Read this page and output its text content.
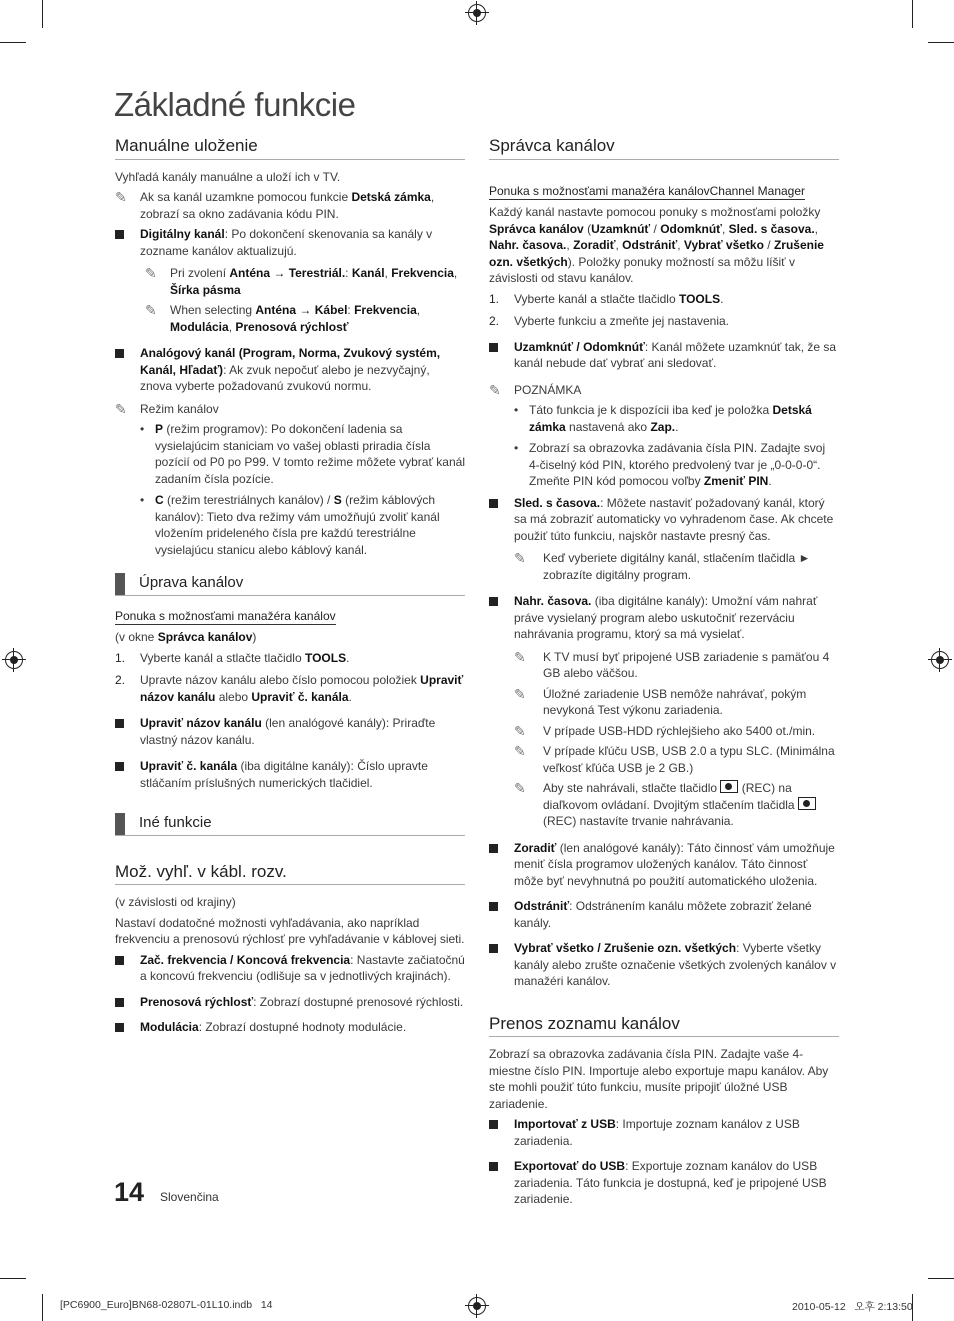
Základné funkcie
Manuálne uloženie
Vyhľadá kanály manuálne a uloží ich v TV.
✎ Ak sa kanál uzamkne pomocou funkcie Detská zámka, zobrazí sa okno zadávania kódu PIN.
Digitálny kanál: Po dokončení skenovania sa kanály v zozname kanálov aktualizujú.
✎ Pri zvolení Anténa → Terestriál.: Kanál, Frekvencia, Šírka pásma
✎ When selecting Anténa → Kábel: Frekvencia, Modulácia, Prenosová rýchlosť
Analógový kanál (Program, Norma, Zvukový systém, Kanál, Hľadať): Ak zvuk nepočuť alebo je nezvyčajný, znova vyberte požadovanú zvukovú normu.
✎ Režim kanálov
• P (režim programov): Po dokončení ladenia sa vysielajúcim staniciam vo vašej oblasti priradia čísla pozícií od P0 po P99. V tomto režime môžete vybrať kanál zadaním čísla pozície.
• C (režim terestriálnych kanálov) / S (režim káblových kanálov): Tieto dva režimy vám umožňujú zvoliť kanál vložením prideleného čísla pre každú terestriálne vysielajúcu stanicu alebo káblový kanál.
Úprava kanálov
Ponuka s možnosťami manažéra kanálov
(v okne Správca kanálov)
1. Vyberte kanál a stlačte tlačidlo TOOLS.
2. Upravte názov kanálu alebo číslo pomocou položiek Upraviť názov kanálu alebo Upraviť č. kanála.
Upraviť názov kanálu (len analógové kanály): Priraďte vlastný názov kanálu.
Upraviť č. kanála (iba digitálne kanály): Číslo upravte stláčaním príslušných numerických tlačidiel.
Iné funkcie
Mož. vyhľ. v kábl. rozv.
(v závislosti od krajiny)
Nastaví dodatočné možnosti vyhľadávania, ako napríklad frekvenciu a prenosovú rýchlosť pre vyhľadávanie v káblovej sieti.
Zač. frekvencia / Koncová frekvencia: Nastavte začiatočnú a koncovú frekvenciu (odlišuje sa v jednotlivých krajinách).
Prenosová rýchlosť: Zobrazí dostupné prenosové rýchlosti.
Modulácia: Zobrazí dostupné hodnoty modulácie.
Správca kanálov
Ponuka s možnosťami manažéra kanálovChannel Manager
Každý kanál nastavte pomocou ponuky s možnosťami položky Správca kanálov (Uzamknúť / Odomknúť, Sled. s časova., Nahr. časova., Zoradiť, Odstrániť, Vybrať všetko / Zrušenie ozn. všetkých). Položky ponuky možností sa môžu líšiť v závislosti od stavu kanálov.
1. Vyberte kanál a stlačte tlačidlo TOOLS.
2. Vyberte funkciu a zmeňte jej nastavenia.
Uzamknúť / Odomknúť: Kanál môžete uzamknúť tak, že sa kanál nebude dať vybrať ani sledovať.
✎ POZNÁMKA
• Táto funkcia je k dispozícii iba keď je položka Detská zámka nastavená ako Zap..
• Zobrazí sa obrazovka zadávania čísla PIN. Zadajte svoj 4-čiselný kód PIN, ktorého predvolený tvar je „0-0-0-0“. Zmeňte PIN kód pomocou voľby Zmeniť PIN.
Sled. s časova.: Môžete nastaviť požadovaný kanál, ktorý sa má zobraziť automaticky vo vyhradenom čase. Ak chcete použiť túto funkciu, najskôr nastavte presný čas.
✎ Keď vyberiete digitálny kanál, stlačením tlačidla ► zobrazíte digitálny program.
Nahr. časova. (iba digitálne kanály): Umožní vám nahrať práve vysielaný program alebo uskutočniť rezerváciu nahrávania programu, ktorý sa má vysielať.
✎ K TV musí byť pripojené USB zariadenie s pamäťou 4 GB alebo väčšou.
✎ Úložné zariadenie USB nemôže nahrávať, pokým nevykoná Test výkonu zariadenia.
✎ V prípade USB-HDD rýchlejšieho ako 5400 ot./min.
✎ V prípade kľúču USB, USB 2.0 a typu SLC. (Minimálna veľkosť kľúča USB je 2 GB.)
✎ Aby ste nahrávali, stlačte tlačidlo  (REC) na diaľkovom ovládaní. Dvojitým stlačením tlačidla  (REC) nastavíte trvanie nahrávania.
Zoradiť (len analógové kanály): Táto činnosť vám umožňuje meniť čísla programov uložených kanálov. Táto činnosť môže byť nevyhnutná po použití automatického uloženia.
Odstrániť: Odstránením kanálu môžete zobraziť želané kanály.
Vybrať všetko / Zrušenie ozn. všetkých: Vyberte všetky kanály alebo zrušte označenie všetkých zvolených kanálov v manažéri kanálov.
Prenos zoznamu kanálov
Zobrazí sa obrazovka zadávania čísla PIN. Zadajte vaše 4-miestne číslo PIN. Importuje alebo exportuje mapu kanálov. Aby ste mohli použiť túto funkciu, musíte pripojiť úložné USB zariadenie.
Importovať z USB: Importuje zoznam kanálov z USB zariadenia.
Exportovať do USB: Exportuje zoznam kanálov do USB zariadenia. Táto funkcia je dostupná, keď je pripojené USB zariadenie.
14 Slovenčina
[PC6900_Euro]BN68-02807L-01L10.indb   14	2010-05-12   오후 2:13:50
